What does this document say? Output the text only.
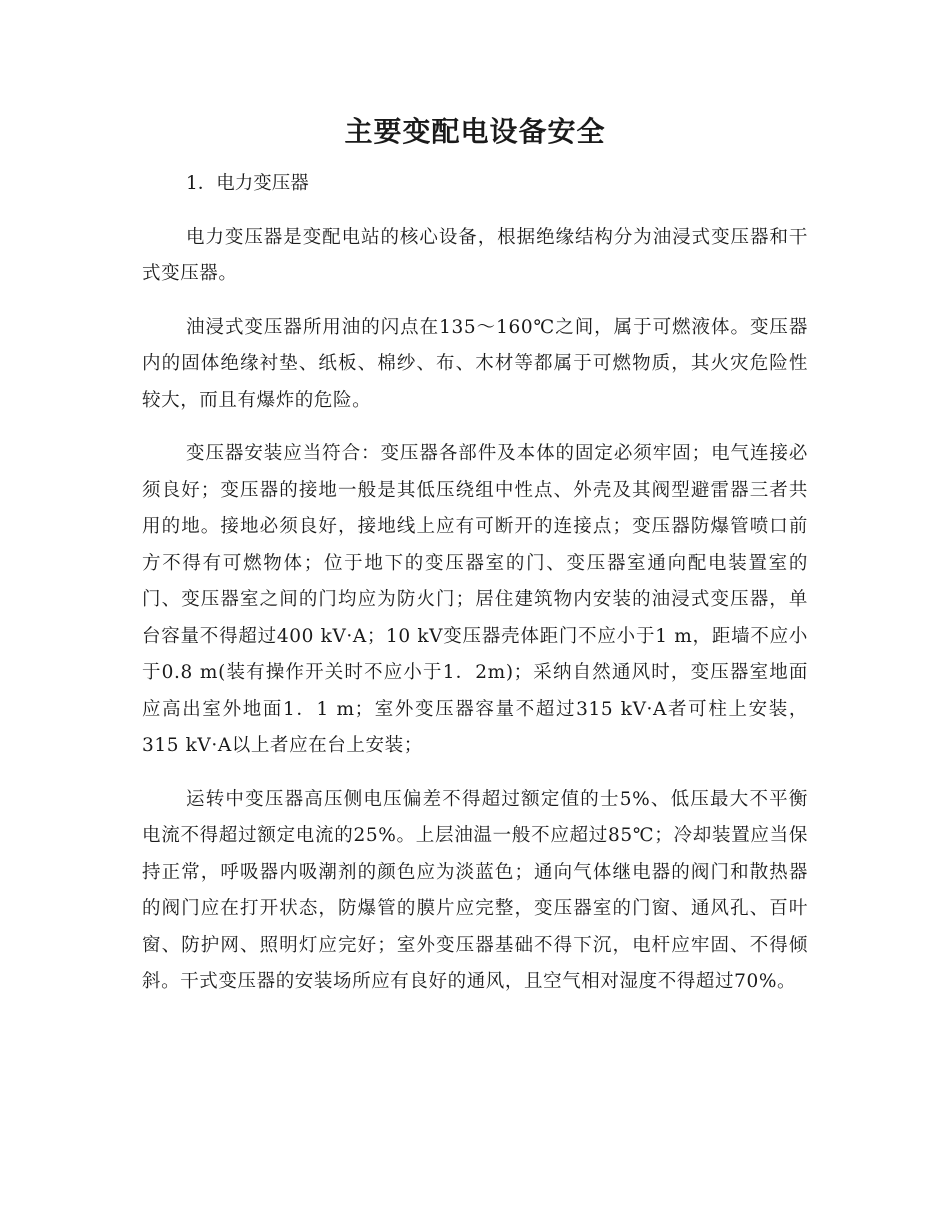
主要变配电设备安全
1．电力变压器

电力变压器是变配电站的核心设备，根据绝缘结构分为油浸式变压器和干式变压器。

油浸式变压器所用油的闪点在135～160℃之间，属于可燃液体。变压器内的固体绝缘衬垫、纸板、棉纱、布、木材等都属于可燃物质，其火灾危险性较大，而且有爆炸的危险。

变压器安装应当符合：变压器各部件及本体的固定必须牢固；电气连接必须良好；变压器的接地一般是其低压绕组中性点、外壳及其阀型避雷器三者共用的地。接地必须良好，接地线上应有可断开的连接点；变压器防爆管喷口前方不得有可燃物体；位于地下的变压器室的门、变压器室通向配电装置室的门、变压器室之间的门均应为防火门；居住建筑物内安装的油浸式变压器，单台容量不得超过400 kV·A；10 kV变压器壳体距门不应小于1 m，距墙不应小于0.8 m(装有操作开关时不应小于1．2m)；采纳自然通风时，变压器室地面应高出室外地面1．1 m；室外变压器容量不超过315 kV·A者可柱上安装，315 kV·A以上者应在台上安装；

运转中变压器高压侧电压偏差不得超过额定值的士5%、低压最大不平衡电流不得超过额定电流的25%。上层油温一般不应超过85℃；冷却装置应当保持正常，呼吸器内吸潮剂的颜色应为淡蓝色；通向气体继电器的阀门和散热器的阀门应在打开状态，防爆管的膜片应完整，变压器室的门窗、通风孔、百叶窗、防护网、照明灯应完好；室外变压器基础不得下沉，电杆应牢固、不得倾斜。干式变压器的安装场所应有良好的通风，且空气相对湿度不得超过70%。
